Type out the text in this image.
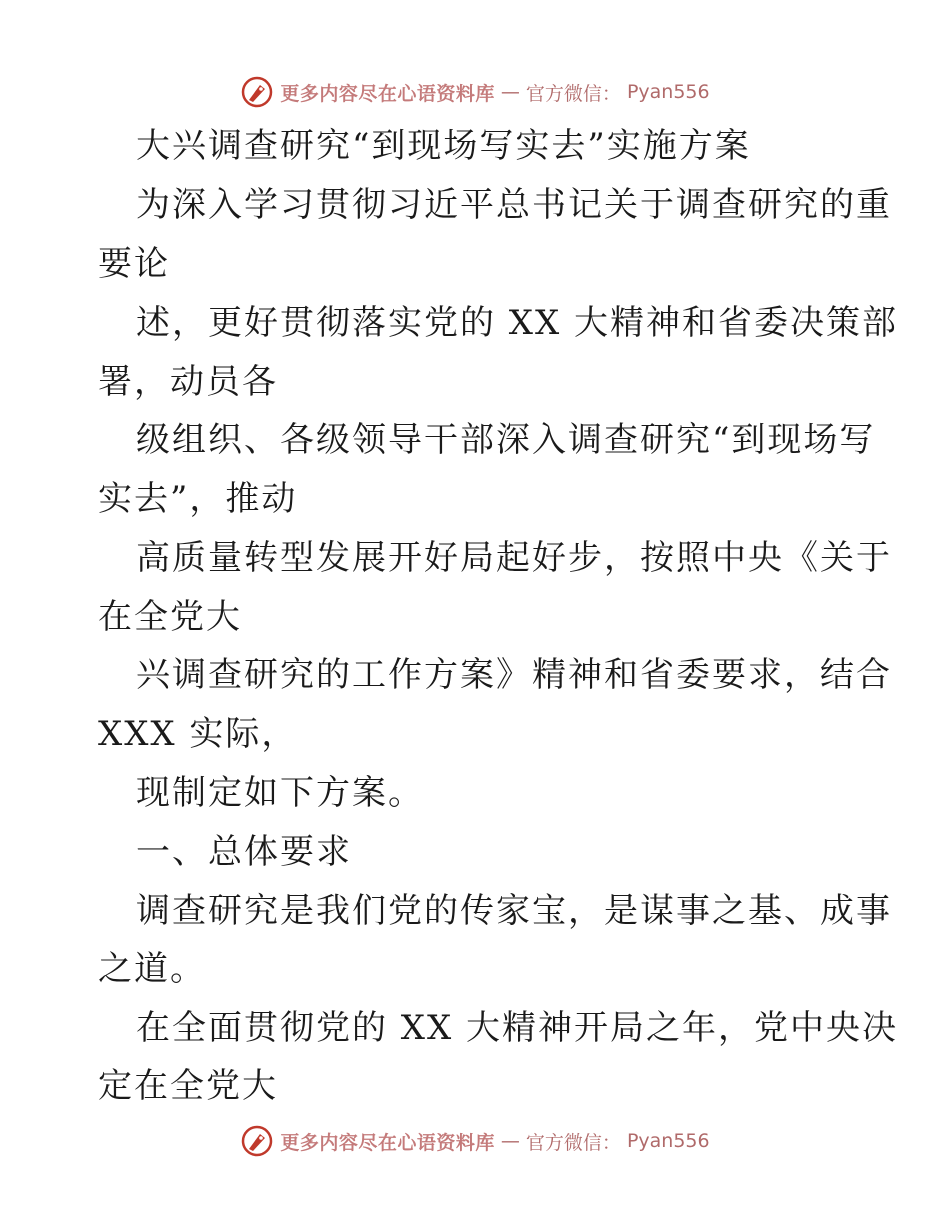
更多内容尽在心语资料库 — 官方微信： Pyan556
大兴调查研究“到现场写实去”实施方案
为深入学习贯彻习近平总书记关于调查研究的重
要论
述，更好贯彻落实党的 XX 大精神和省委决策部
署，动员各
级组织、各级领导干部深入调查研究“到现场写
实去”，推动
高质量转型发展开好局起好步，按照中央《关于
在全党大
兴调查研究的工作方案》精神和省委要求，结合
XXX 实际，
现制定如下方案。
一、总体要求
调查研究是我们党的传家宝，是谋事之基、成事
之道。
在全面贯彻党的 XX 大精神开局之年，党中央决
定在全党大
更多内容尽在心语资料库 — 官方微信： Pyan556
